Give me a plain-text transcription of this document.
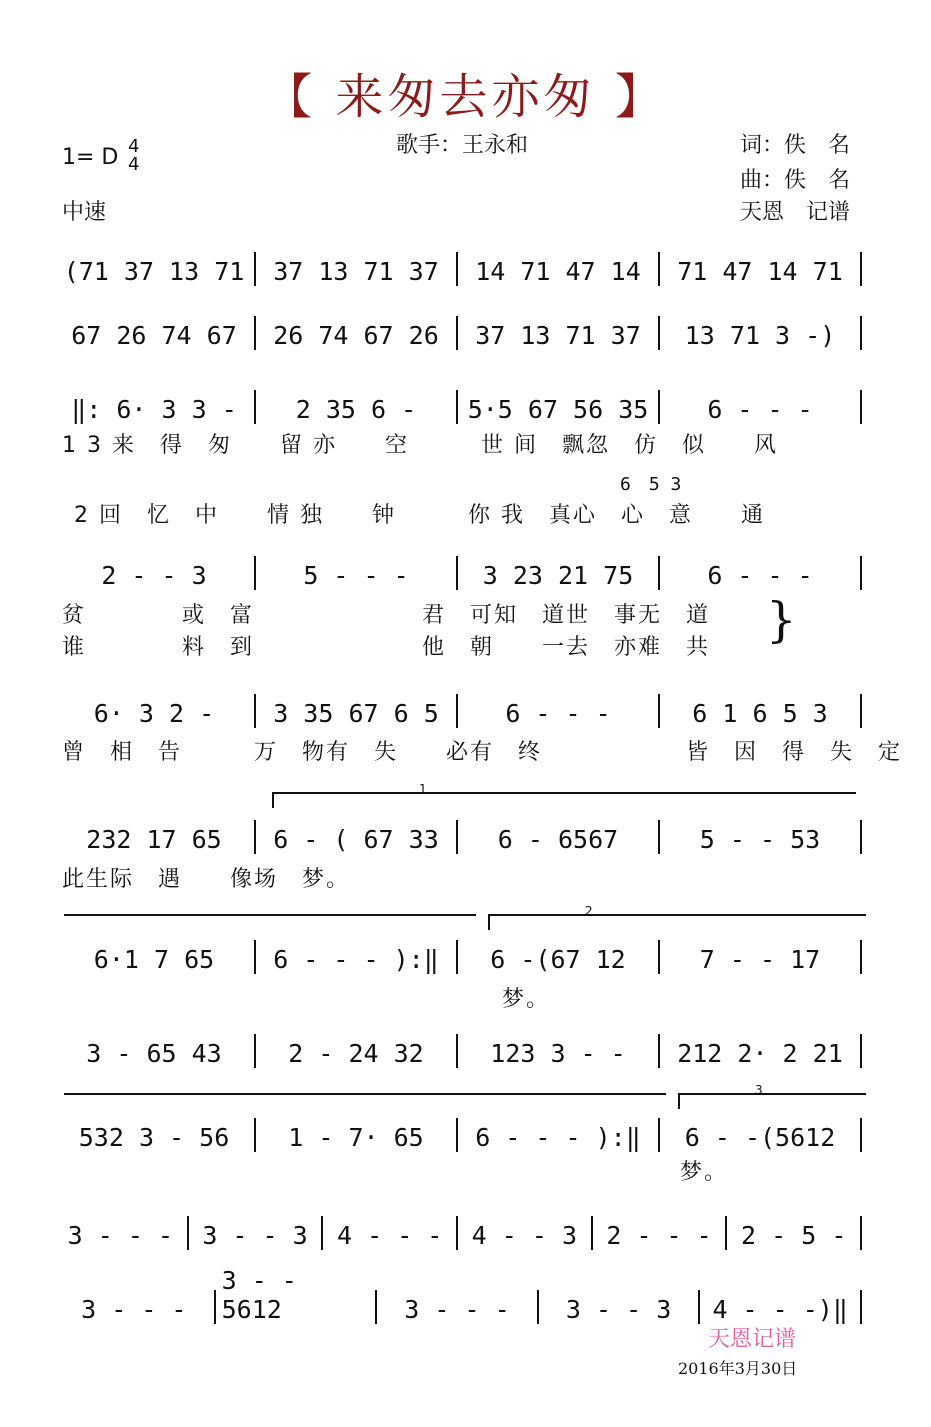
【 来匆去亦匆 】
歌手：王永和	词：佚　名
曲：佚　名
天恩　记谱
1= D 4
4
中速
(71 37 13 71	37 13 71 37	14 71 47 14	71 47 14 71
67 26 74 67	26 74 67 26	37 13 71 37	13 71 3 -)
‖: 6· 3 3 -	2 35 6 -	5·5 67 56 35	6 - - -
2 - - 3	5 - - -	3 23 21 75	6 - - -
6· 3 2 -	3 35 67 6 5	6 - - -	6 1 6 5 3
232 17 65	6 - ( 67 33	6 - 6567	5 - - 53
6·1 7 65	6 - - - ):‖	6 -(67 12	7 - - 17
3 - 65 43	2 - 24 32	123 3 - -	212 2· 2 21
532 3 - 56	1 - 7· 65	6 - - - ):‖	6 - -(5612
3 - - -	3 - - 3	4 - - -	4 - - 3	2 - - -	2 - 5 -
3 - - -
3 - - 5612	3 - - -	3 - - 3	4 - - -)‖
1 3 来　得　匆　　留 亦　　空　　　世 间　飘忽　仿　似　　风
6　5 3
2 回　忆　中　　情 独　　钟　　　你 我　真心　心　意　　通
贫　　　　或　富　　　　　　　君　可知　道世　事无　道
谁　　　　料　到　　　　　　　他　朝　　一去　亦难　共 }
曾　相　告　　　万　物有　失　　必有　终　　　　　　皆　因　得　失　定
此生际　遇　　像场　梦。
梦。
梦。
1
2
3
天恩记谱
2016年3月30日
